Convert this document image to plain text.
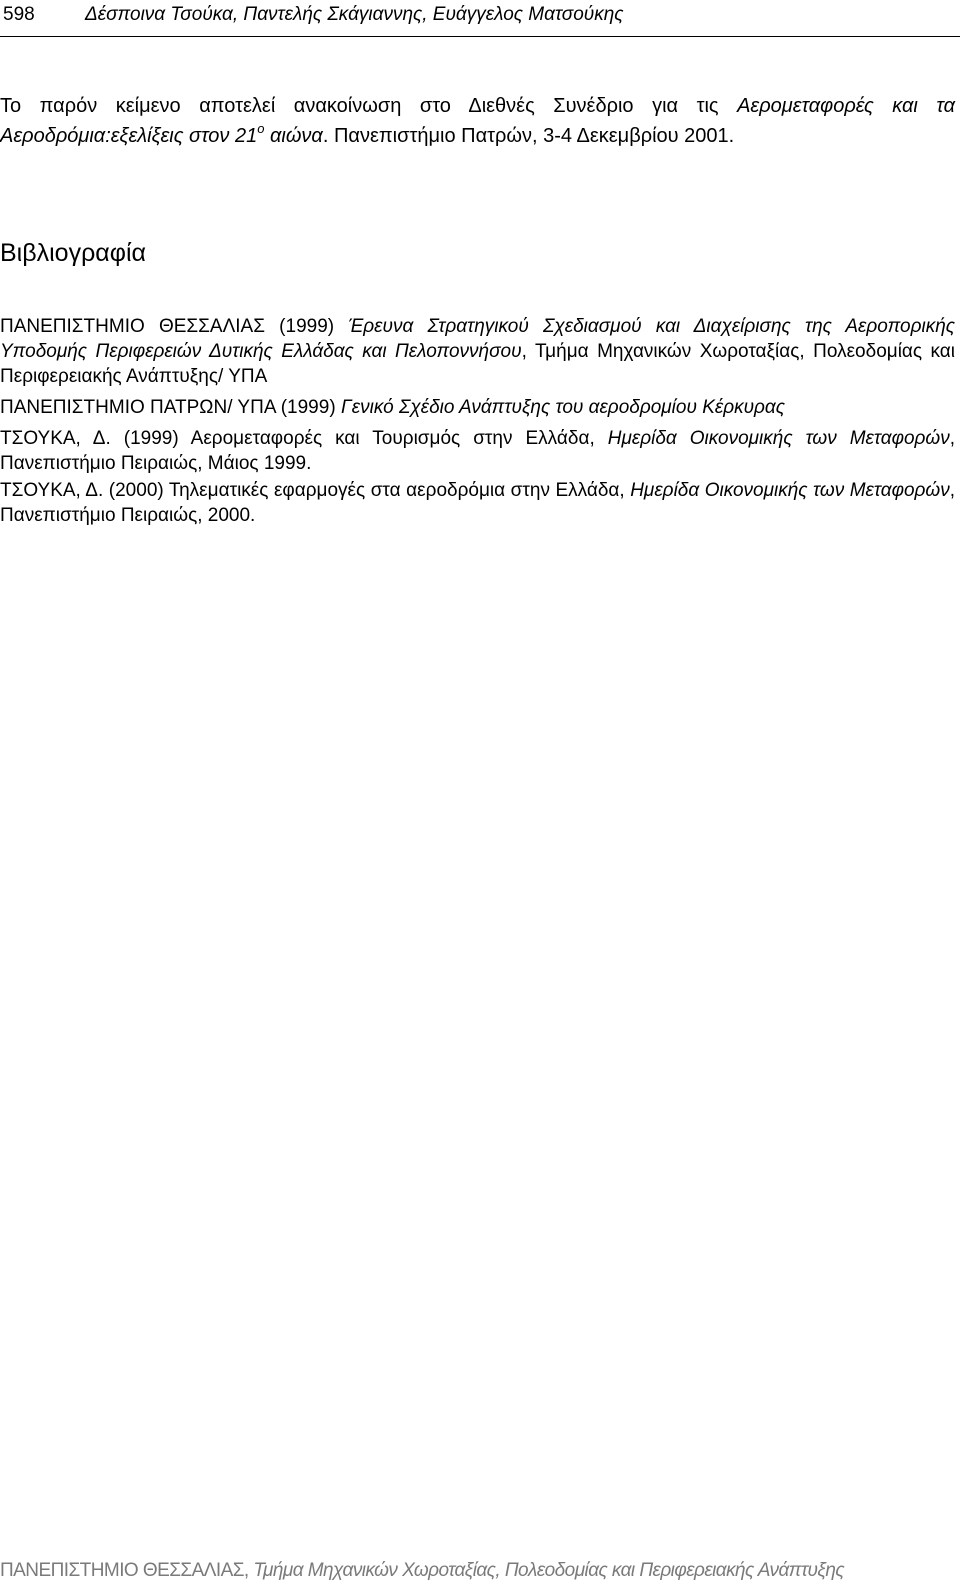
598	Δέσποινα Τσούκα, Παντελής Σκάγιαννης, Ευάγγελος Ματσούκης

Το παρόν κείμενο αποτελεί ανακοίνωση στο Διεθνές Συνέδριο για τις Αερομεταφορές και τα Αεροδρόμια:εξελίξεις στον $21^o$ αιώνα. Πανεπιστήμιο Πατρών, 3-4 Δεκεμβρίου 2001.

Βιβλιογραφία

ΠΑΝΕΠΙΣΤΗΜΙΟ ΘΕΣΣΑΛΙΑΣ (1999) Έρευνα Στρατηγικού Σχεδιασμού και Διαχείρισης της Αεροπορικής Υποδομής Περιφερειών Δυτικής Ελλάδας και Πελοποννήσου, Τμήμα Μηχανικών Χωροταξίας, Πολεοδομίας και Περιφερειακής Ανάπτυξης/ ΥΠΑ

ΠΑΝΕΠΙΣΤΗΜΙΟ ΠΑΤΡΩΝ/ ΥΠΑ (1999) Γενικό Σχέδιο Ανάπτυξης του αεροδρομίου Κέρκυρας

ΤΣΟΥΚΑ, Δ. (1999) Αερομεταφορές και Τουρισμός στην Ελλάδα, Ημερίδα Οικονομικής των Μεταφορών, Πανεπιστήμιο Πειραιώς, Μάιος 1999.

ΤΣΟΥΚΑ, Δ. (2000) Τηλεματικές εφαρμογές στα αεροδρόμια στην Ελλάδα, Ημερίδα Οικονομικής των Μεταφορών, Πανεπιστήμιο Πειραιώς, 2000.

ΠΑΝΕΠΙΣΤΗΜΙΟ ΘΕΣΣΑΛΙΑΣ, Τμήμα Μηχανικών Χωροταξίας, Πολεοδομίας και Περιφερειακής Ανάπτυξης
